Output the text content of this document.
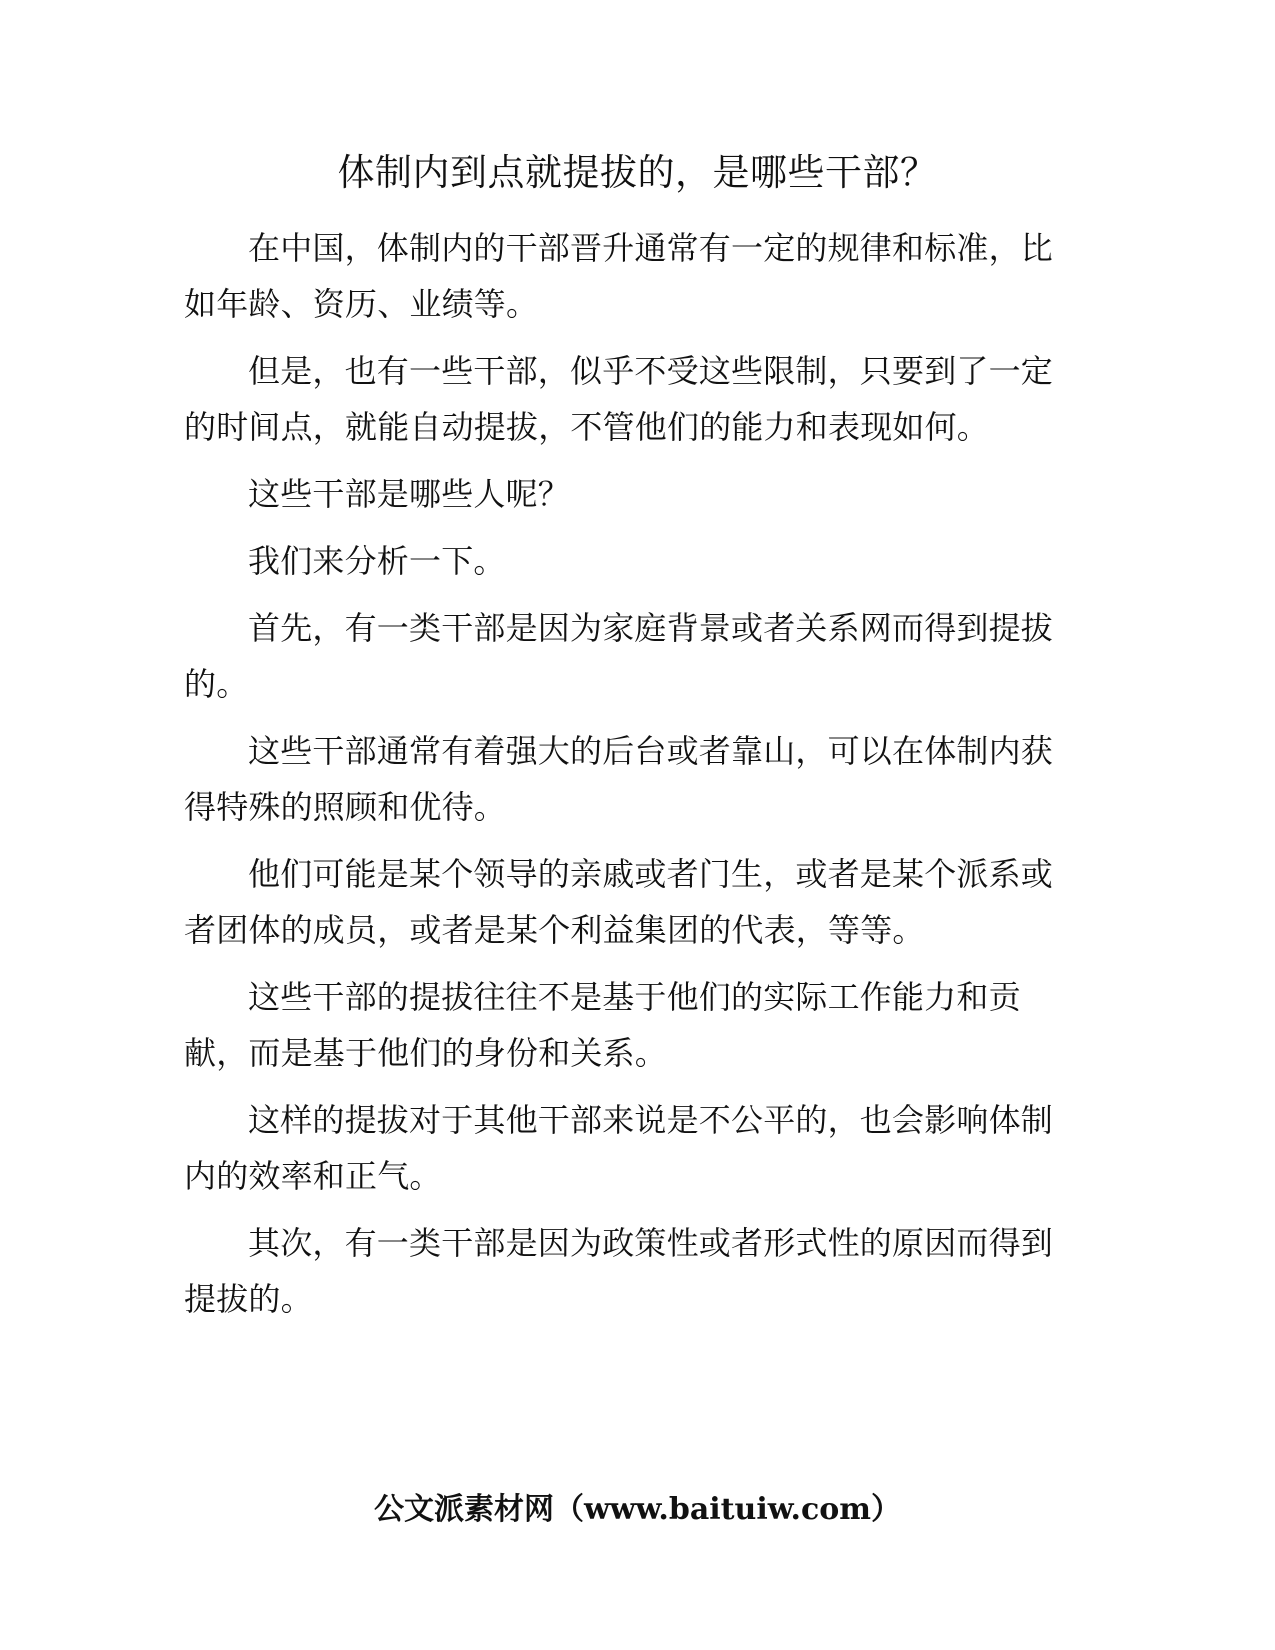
体制内到点就提拔的，是哪些干部？

在中国，体制内的干部晋升通常有一定的规律和标准，比如年龄、资历、业绩等。

但是，也有一些干部，似乎不受这些限制，只要到了一定的时间点，就能自动提拔，不管他们的能力和表现如何。

这些干部是哪些人呢？

我们来分析一下。

首先，有一类干部是因为家庭背景或者关系网而得到提拔的。

这些干部通常有着强大的后台或者靠山，可以在体制内获得特殊的照顾和优待。

他们可能是某个领导的亲戚或者门生，或者是某个派系或者团体的成员，或者是某个利益集团的代表，等等。

这些干部的提拔往往不是基于他们的实际工作能力和贡献，而是基于他们的身份和关系。

这样的提拔对于其他干部来说是不公平的，也会影响体制内的效率和正气。

其次，有一类干部是因为政策性或者形式性的原因而得到提拔的。

公文派素材网（www.baituiw.com）
